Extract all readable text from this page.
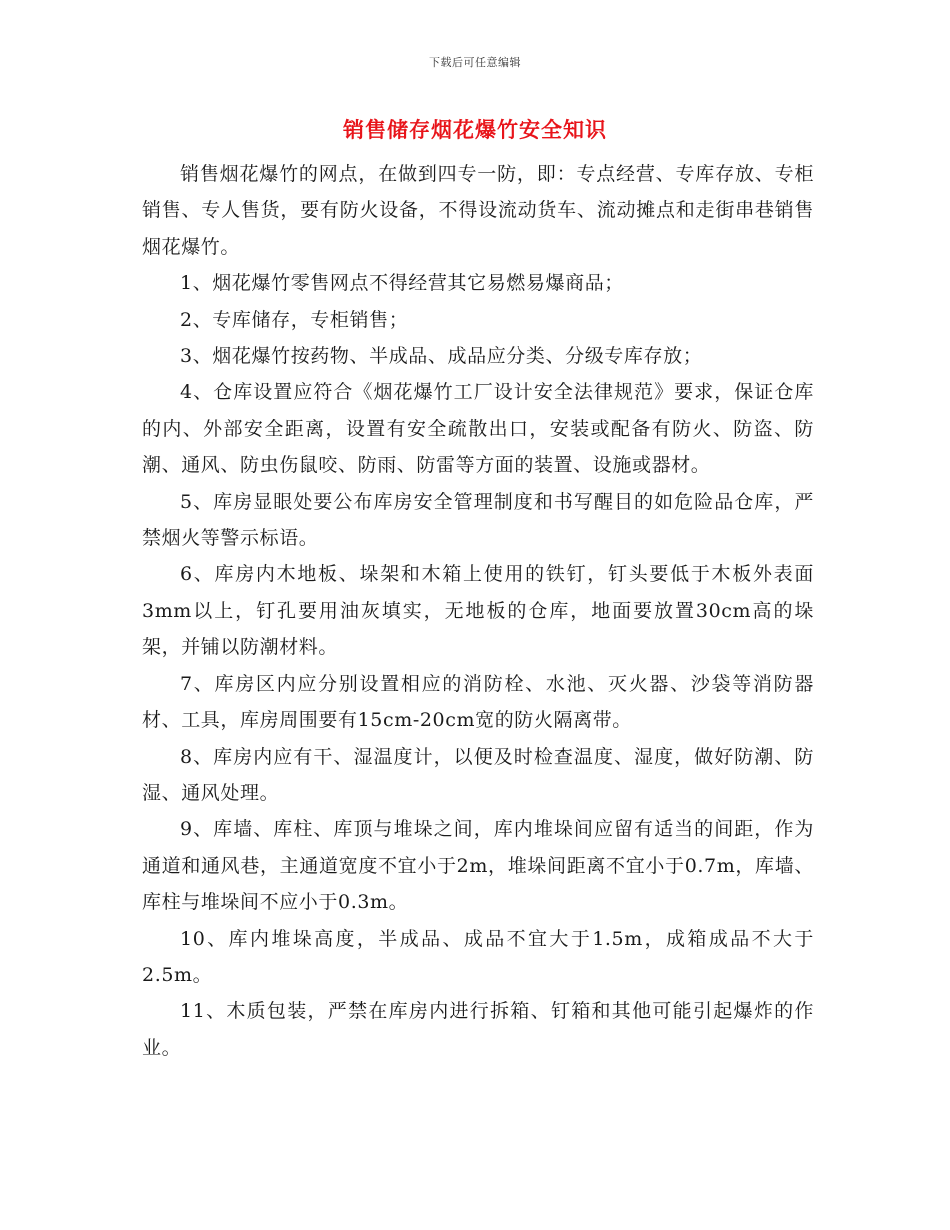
下载后可任意编辑
销售储存烟花爆竹安全知识

销售烟花爆竹的网点，在做到四专一防，即：专点经营、专库存放、专柜销售、专人售货，要有防火设备，不得设流动货车、流动摊点和走街串巷销售烟花爆竹。

1、烟花爆竹零售网点不得经营其它易燃易爆商品；

2、专库储存，专柜销售；

3、烟花爆竹按药物、半成品、成品应分类、分级专库存放；

4、仓库设置应符合《烟花爆竹工厂设计安全法律规范》要求，保证仓库的内、外部安全距离，设置有安全疏散出口，安装或配备有防火、防盗、防潮、通风、防虫伤鼠咬、防雨、防雷等方面的装置、设施或器材。

5、库房显眼处要公布库房安全管理制度和书写醒目的如危险品仓库，严禁烟火等警示标语。

6、库房内木地板、垛架和木箱上使用的铁钉，钉头要低于木板外表面3mm以上，钉孔要用油灰填实，无地板的仓库，地面要放置30cm高的垛架，并铺以防潮材料。

7、库房区内应分别设置相应的消防栓、水池、灭火器、沙袋等消防器材、工具，库房周围要有15cm-20cm宽的防火隔离带。

8、库房内应有干、湿温度计，以便及时检查温度、湿度，做好防潮、防湿、通风处理。

9、库墙、库柱、库顶与堆垛之间，库内堆垛间应留有适当的间距，作为通道和通风巷，主通道宽度不宜小于2m，堆垛间距离不宜小于0.7m，库墙、库柱与堆垛间不应小于0.3m。

10、库内堆垛高度，半成品、成品不宜大于1.5m，成箱成品不大于2.5m。

11、木质包装，严禁在库房内进行拆箱、钉箱和其他可能引起爆炸的作业。
